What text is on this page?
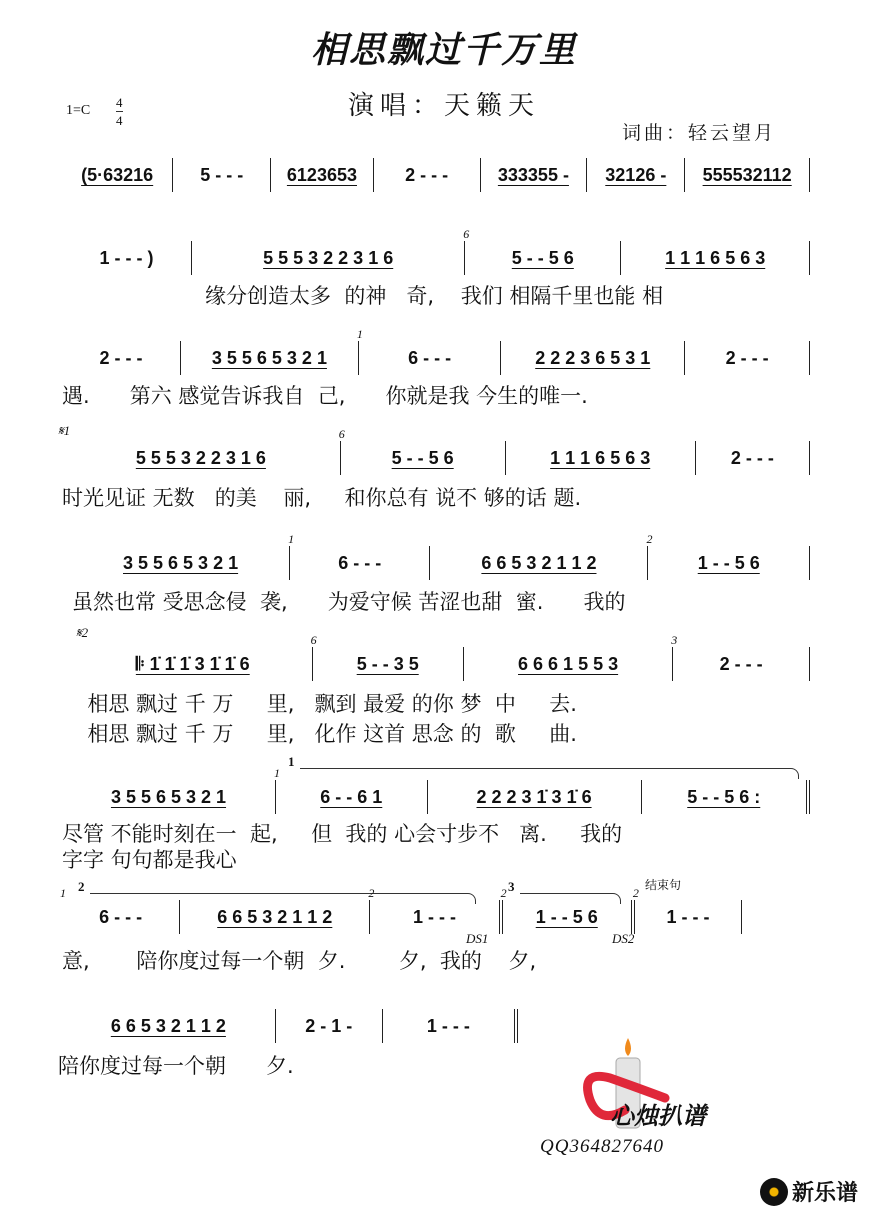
相思飘过千万里
演唱：天籁天
1=C
4
4
词曲：轻云望月
(5·63216	5 - - -	6123653	2 - - -	333355 -	32126 -	555532112
1 - - - )	5 5 5 3 2 2 3 1 6
6
5 - - 5 6	1 1 1 6 5 6 3
缘分创造太多  的神   奇,    我们 相隔千里也能 相
2 - - -	3 5 5 6 5 3 2 1
1
6 - - -	2 2 2 3 6 5 3 1	2 - - -
遇.      第六 感觉告诉我自  己,      你就是我 今生的唯一.
𝄋1
5 5 5 3 2 2 3 1 6
6
5 - - 5 6	1 1 1 6 5 6 3	2 - - -
时光见证 无数   的美    丽,     和你总有 说不 够的话 题.
3 5 5 6 5 3 2 1
1
6 - - -	6 6 5 3 2 1 1 2
2
1 - - 5 6
虽然也常 受思念侵  袭,      为爱守候 苦涩也甜  蜜.      我的
𝄋2
𝄆 1̇ 1̇ 1̇ 3 1̇ 1̇ 6
6
5 - - 3 5	6 6 6 1 5 5 3
3
2 - - -
相思 飘过 千 万     里,   飘到 最爱 的你 梦  中     去.
相思 飘过 千 万     里,   化作 这首 思念 的  歌     曲.
1
3 5 5 6 5 3 2 1
1
6 - - 6 1	2 2 2 3 1̇ 3 1̇ 6	5 - - 5 6 :
尽管 不能时刻在一  起,     但  我的 心会寸步不   离.     我的
字字 句句都是我心
2	3	结束句
1
6 - - -	6 6 5 3 2 1 1 2
2
1 - - -
2
1 - - 5 6
2
1 - - -
DS1	DS2
意,       陪你度过每一个朝  夕.        夕,  我的    夕,
6 6 5 3 2 1 1 2	2 - 1 -	1 - - -
陪你度过每一个朝      夕.
心烛扒谱
QQ364827640
新乐谱
